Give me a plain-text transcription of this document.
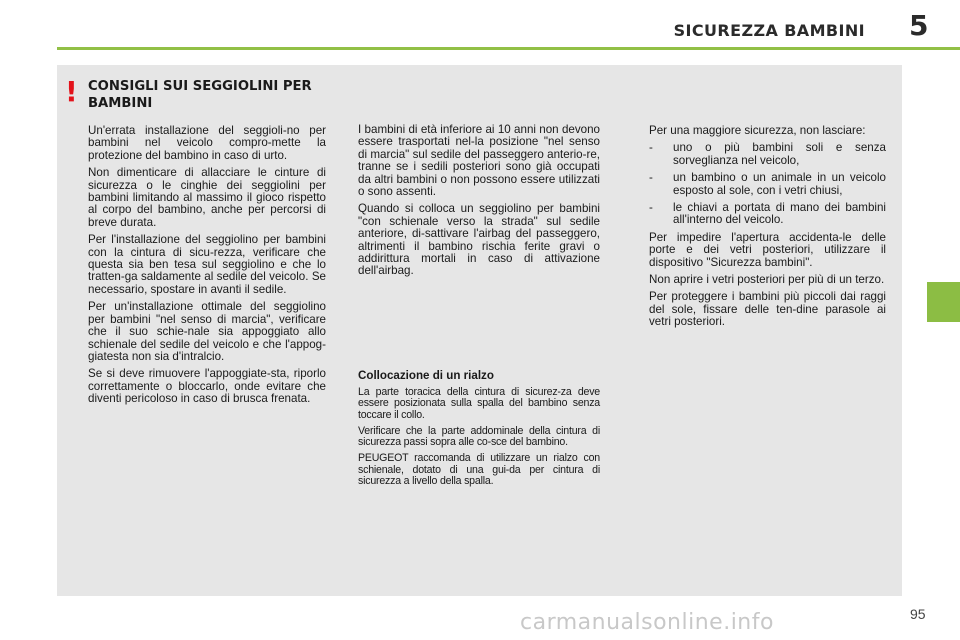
SICUREZZA BAMBINI 5
! CONSIGLI SUI SEGGIOLINI PER BAMBINI

Un'errata installazione del seggioli-no per bambini nel veicolo compro-mette la protezione del bambino in caso di urto.

Non dimenticare di allacciare le cinture di sicurezza o le cinghie dei seggiolini per bambini limitando al massimo il gioco rispetto al corpo del bambino, anche per percorsi di breve durata.

Per l'installazione del seggiolino per bambini con la cintura di sicu-rezza, verificare che questa sia ben tesa sul seggiolino e che lo tratten-ga saldamente al sedile del veicolo. Se necessario, spostare in avanti il sedile.

Per un'installazione ottimale del seggiolino per bambini "nel senso di marcia", verificare che il suo schie-nale sia appoggiato allo schienale del sedile del veicolo e che l'appog-giatesta non sia d'intralcio.

Se si deve rimuovere l'appoggiate-sta, riporlo correttamente o bloccarlo, onde evitare che diventi pericoloso in caso di brusca frenata.

I bambini di età inferiore ai 10 anni non devono essere trasportati nel-la posizione "nel senso di marcia" sul sedile del passeggero anterio-re, tranne se i sedili posteriori sono già occupati da altri bambini o non possono essere utilizzati o sono assenti.

Quando si colloca un seggiolino per bambini "con schienale verso la strada" sul sedile anteriore, di-sattivare l'airbag del passeggero, altrimenti il bambino rischia ferite gravi o addirittura mortali in caso di attivazione dell'airbag.

Collocazione di un rialzo

La parte toracica della cintura di sicurez-za deve essere posizionata sulla spalla del bambino senza toccare il collo.

Verificare che la parte addominale della cintura di sicurezza passi sopra alle co-sce del bambino.

PEUGEOT raccomanda di utilizzare un rialzo con schienale, dotato di una gui-da per cintura di sicurezza a livello della spalla.

Per una maggiore sicurezza, non lasciare:

- uno o più bambini soli e senza sorveglianza nel veicolo,
- un bambino o un animale in un veicolo esposto al sole, con i vetri chiusi,
- le chiavi a portata di mano dei bambini all'interno del veicolo.

Per impedire l'apertura accidenta-le delle porte e dei vetri posteriori, utilizzare il dispositivo "Sicurezza bambini".

Non aprire i vetri posteriori per più di un terzo.

Per proteggere i bambini più piccoli dai raggi del sole, fissare delle ten-dine parasole ai vetri posteriori.

carmanualsonline.info	95
